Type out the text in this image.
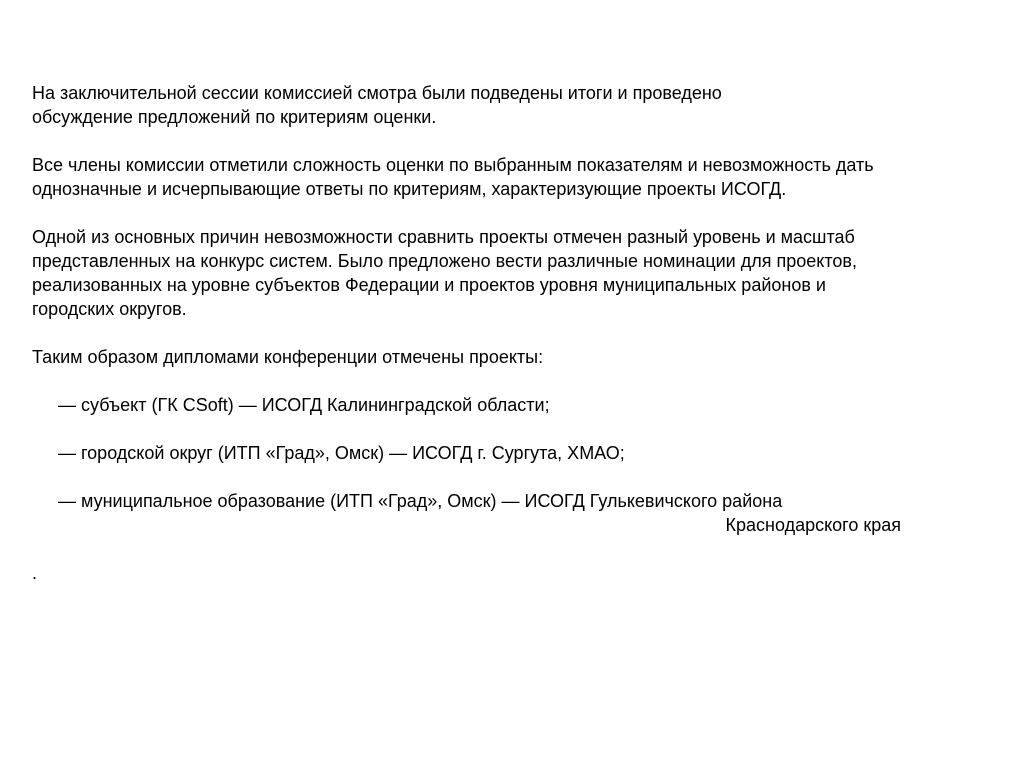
На заключительной сессии комиссией смотра были подведены итоги и проведено
обсуждение предложений по критериям оценки.
Все члены комиссии отметили сложность оценки по выбранным показателям и невозможность дать
однозначные и исчерпывающие ответы по критериям, характеризующие проекты ИСОГД.
Одной из основных причин невозможности сравнить проекты отмечен разный уровень и масштаб
представленных на конкурс систем. Было предложено вести различные номинации для проектов,
реализованных на уровне субъектов Федерации и проектов уровня муниципальных районов и
городских округов.
Таким образом дипломами конференции отмечены проекты:
— субъект (ГК CSoft) — ИСОГД Калининградской области;
— городской округ (ИТП «Град», Омск) — ИСОГД г. Сургута, ХМАО;
— муниципальное образование (ИТП «Град», Омск) — ИСОГД Гулькевичского района
Краснодарского края
.
